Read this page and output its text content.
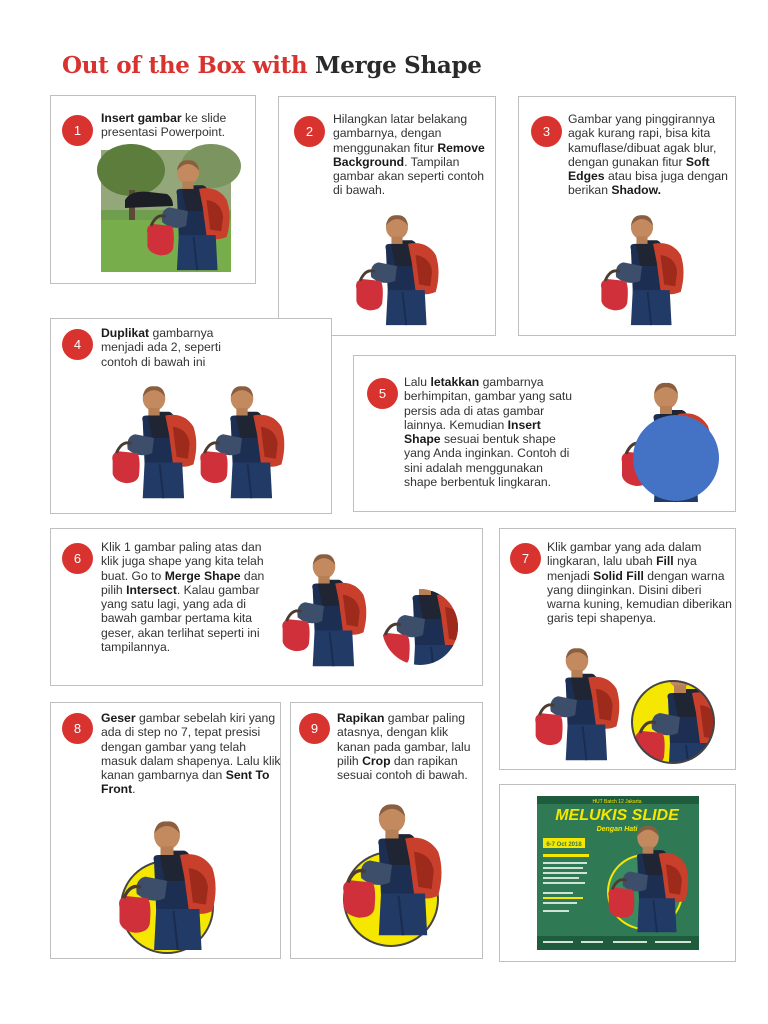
Out of the Box with Merge Shape
1
Insert gambar ke slide presentasi Powerpoint.	2
Hilangkan latar belakang gambarnya, dengan menggunakan fitur Remove Background. Tampilan gambar akan seperti contoh di bawah.
3
Gambar yang pinggirannya agak kurang rapi, bisa kita kamuflase/dibuat agak blur, dengan gunakan fitur Soft Edges atau bisa juga dengan berikan Shadow.
4
Duplikat gambarnya menjadi ada 2, seperti contoh di bawah ini
5
Lalu letakkan gambarnya berhimpitan, gambar yang satu persis ada di atas gambar lainnya. Kemudian Insert Shape sesuai bentuk shape yang Anda inginkan. Contoh di sini adalah menggunakan shape berbentuk lingkaran.
6
Klik 1 gambar paling atas dan klik juga shape yang kita telah buat. Go to Merge Shape dan pilih Intersect. Kalau gambar yang satu lagi, yang ada di bawah gambar pertama kita geser, akan terlihat seperti ini tampilannya.
7
Klik gambar yang ada dalam lingkaran, lalu ubah Fill nya menjadi Solid Fill dengan warna yang diinginkan. Disini diberi warna kuning, kemudian diberikan garis tepi shapenya.
8
Geser gambar sebelah kiri yang ada di step no 7, tepat presisi dengan gambar yang telah masuk dalam shapenya. Lalu klik kanan gambarnya dan Sent To Front.
9
Rapikan gambar paling atasnya, dengan klik kanan pada gambar, lalu pilih Crop dan rapikan sesuai contoh di bawah.
HUT Batch 12 Jakarta
MELUKIS SLIDE
Dengan Hati
6-7 Oct 2018
